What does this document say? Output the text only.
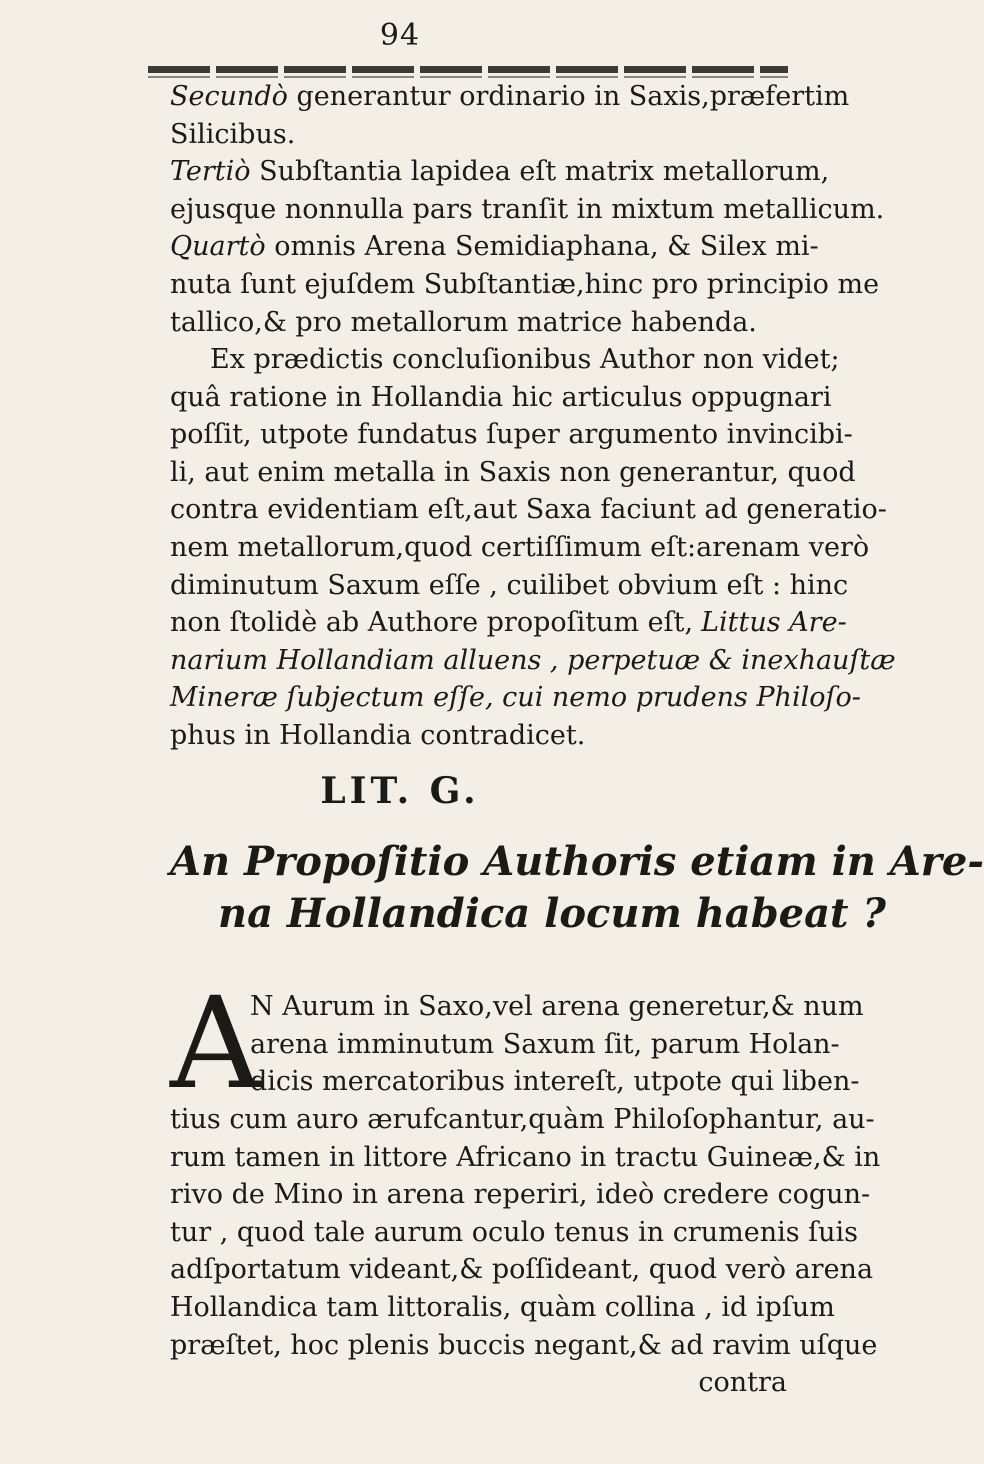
94
Secundò generantur ordinario in Saxis,præfertim
Silicibus.
Tertiò Subſtantia lapidea eſt matrix metallorum,
ejusque nonnulla pars tranſit in mixtum metallicum.
Quartò omnis Arena Semidiaphana, & Silex mi-
nuta ſunt ejuſdem Subſtantiæ,hinc pro principio me
tallico,& pro metallorum matrice habenda.
Ex prædictis concluſionibus Author non videt;
quâ ratione in Hollandia hic articulus oppugnari
poſſit, utpote fundatus ſuper argumento invincibi-
li, aut enim metalla in Saxis non generantur, quod
contra evidentiam eſt,aut Saxa faciunt ad generatio-
nem metallorum,quod certiſſimum eſt:arenam verò
diminutum Saxum eſſe , cuilibet obvium eſt : hinc
non ſtolidè ab Authore propoſitum eſt, Littus Are-
narium Hollandiam alluens , perpetuæ & inexhauſtæ
Mineræ ſubjectum eſſe, cui nemo prudens Philoſo-
phus in Hollandia contradicet.
LIT. G.
An Propoſitio Authoris etiam in Are-
na Hollandica locum habeat ?
A
N Aurum in Saxo,vel arena generetur,& num
arena imminutum Saxum ſit, parum Holan-
dicis mercatoribus intereſt, utpote qui liben-
tius cum auro ærufcantur,quàm Philoſophantur, au-
rum tamen in littore Africano in tractu Guineæ,& in
rivo de Mino in arena reperiri, ideò credere cogun-
tur , quod tale aurum oculo tenus in crumenis ſuis
adſportatum videant,& poſſideant, quod verò arena
Hollandica tam littoralis, quàm collina , id ipſum
præſtet, hoc plenis buccis negant,& ad ravim uſque
contra
